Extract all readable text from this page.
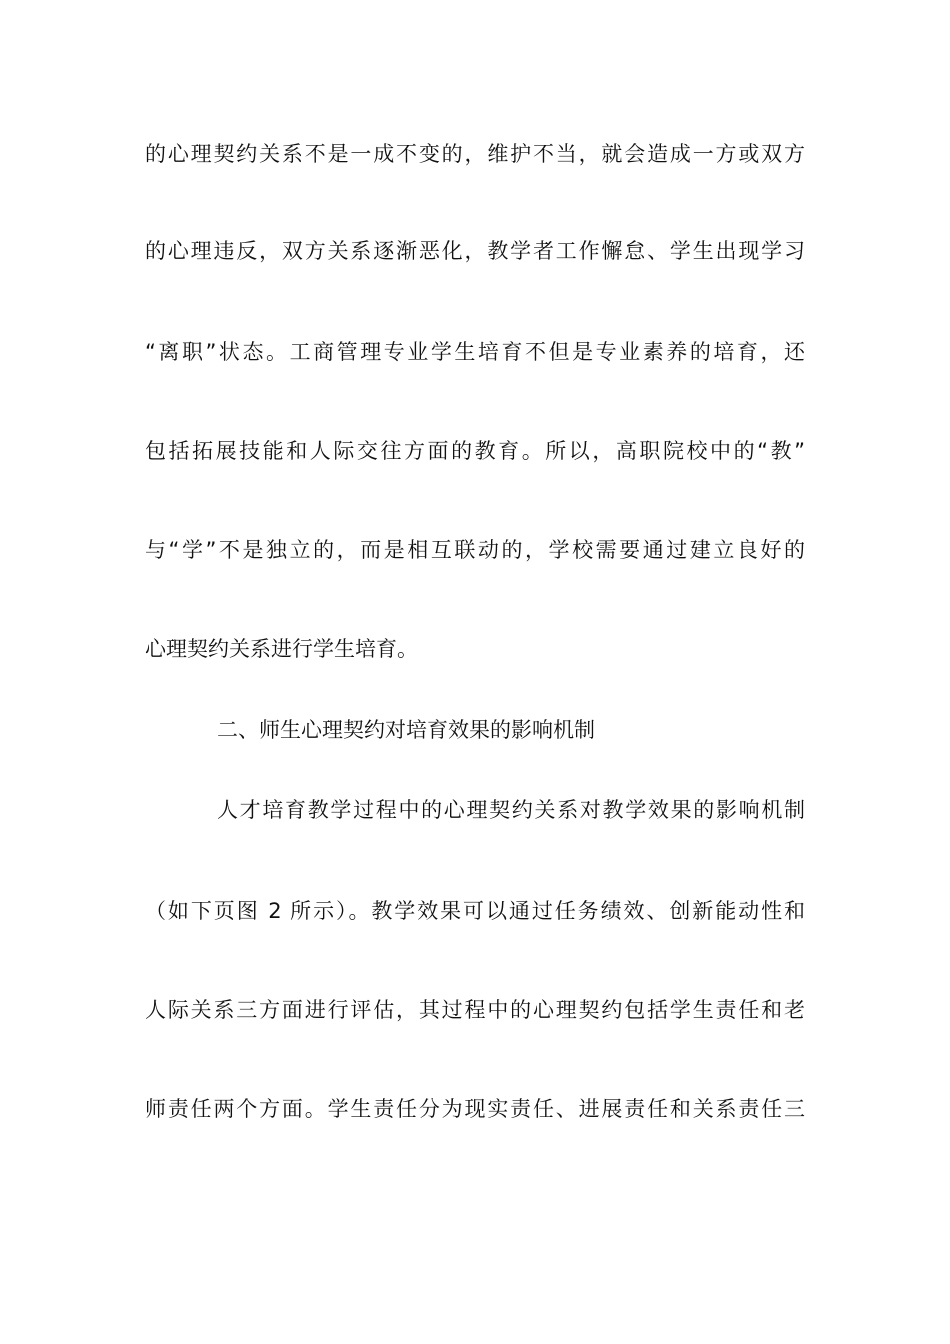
的心理契约关系不是一成不变的，维护不当，就会造成一方或双方
的心理违反，双方关系逐渐恶化，教学者工作懈怠、学生出现学习
“离职”状态。工商管理专业学生培育不但是专业素养的培育，还
包括拓展技能和人际交往方面的教育。所以，高职院校中的“教”
与“学”不是独立的，而是相互联动的，学校需要通过建立良好的
心理契约关系进行学生培育。
二、师生心理契约对培育效果的影响机制
人才培育教学过程中的心理契约关系对教学效果的影响机制
（如下页图 2 所示）。教学效果可以通过任务绩效、创新能动性和
人际关系三方面进行评估，其过程中的心理契约包括学生责任和老
师责任两个方面。学生责任分为现实责任、进展责任和关系责任三
